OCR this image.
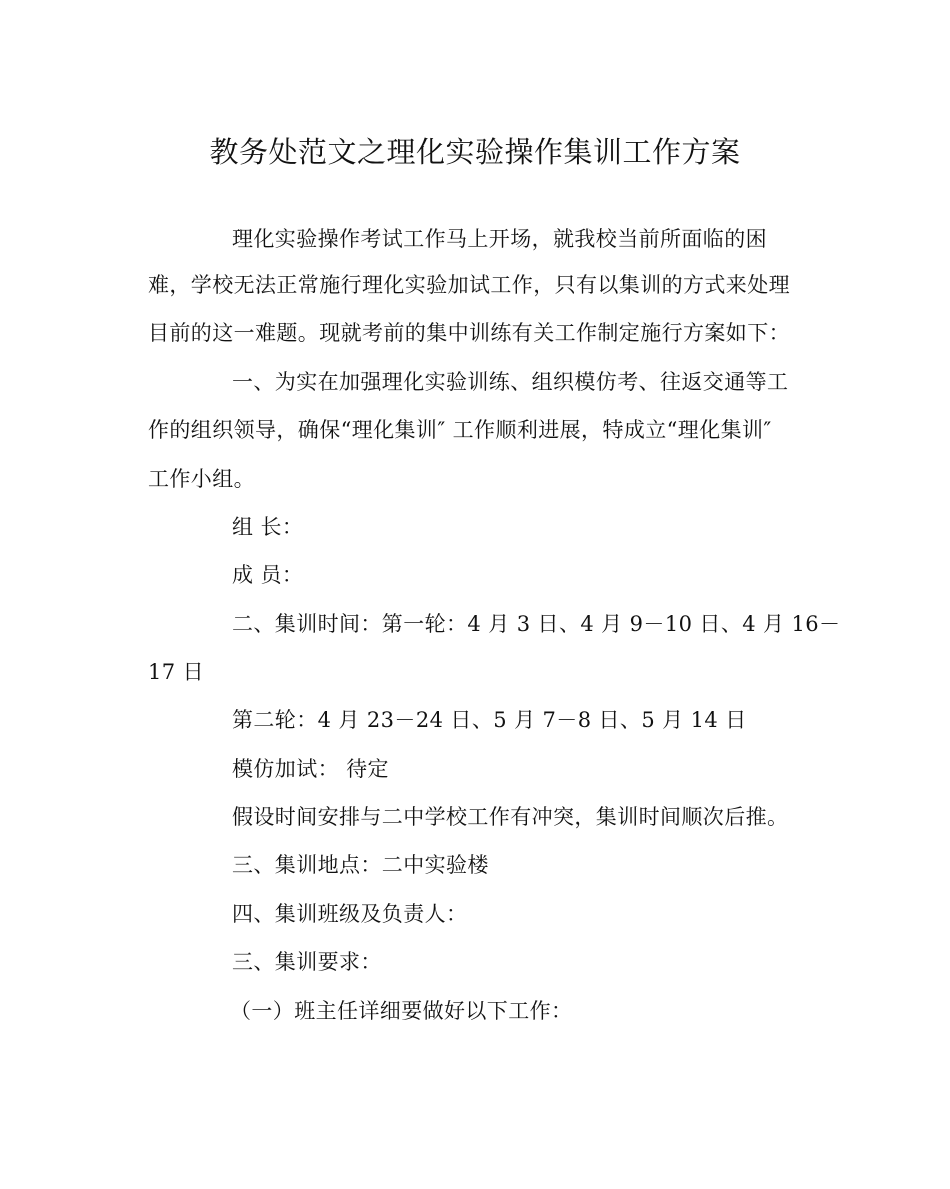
教务处范文之理化实验操作集训工作方案
理化实验操作考试工作马上开场，就我校当前所面临的困
难，学校无法正常施行理化实验加试工作，只有以集训的方式来处理
目前的这一难题。现就考前的集中训练有关工作制定施行方案如下：
一、为实在加强理化实验训练、组织模仿考、往返交通等工
作的组织领导，确保“理化集训″ 工作顺利进展，特成立“理化集训″
工作小组。
组 长：
成 员：
二、集训时间：第一轮：4 月 3 日、4 月 9－10 日、4 月 16－
17 日
第二轮：4 月 23－24 日、5 月 7－8 日、5 月 14 日
模仿加试： 待定
假设时间安排与二中学校工作有冲突，集训时间顺次后推。
三、集训地点：二中实验楼
四、集训班级及负责人：
三、集训要求：
（一）班主任详细要做好以下工作：
